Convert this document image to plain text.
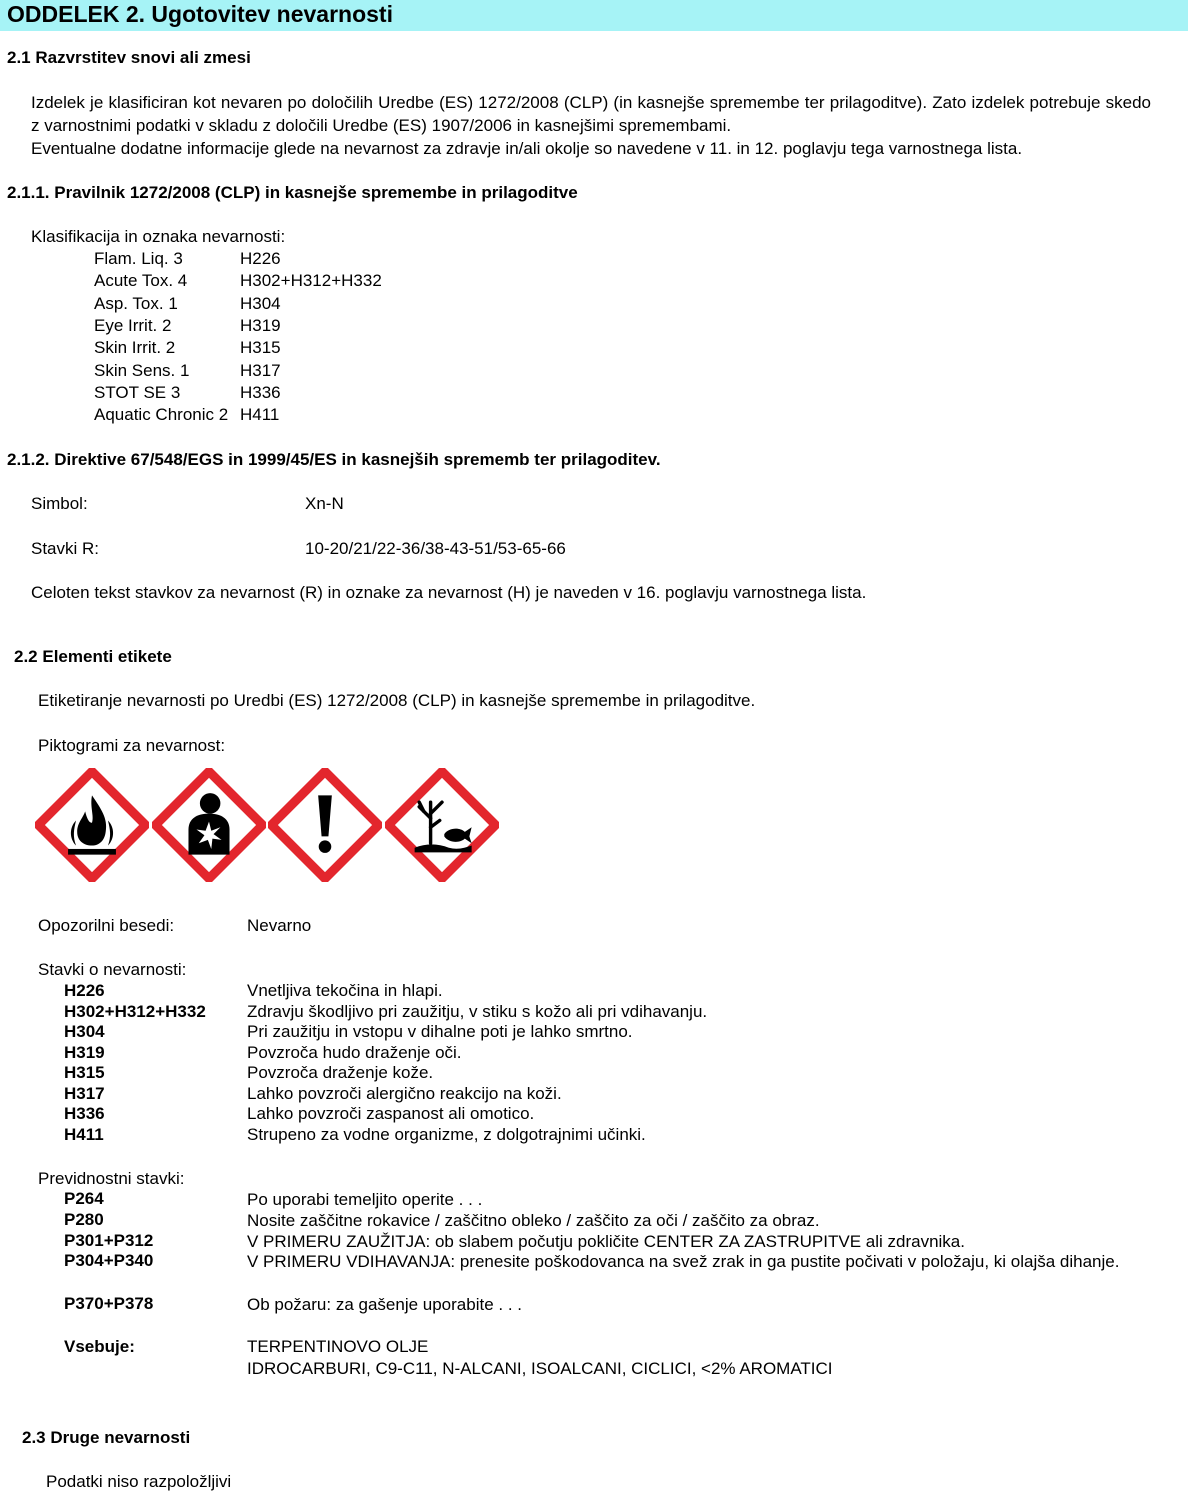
ODDELEK 2. Ugotovitev nevarnosti
2.1 Razvrstitev snovi ali zmesi

Izdelek je klasificiran kot nevaren po določilih Uredbe (ES) 1272/2008 (CLP) (in kasnejše spremembe ter prilagoditve). Zato izdelek potrebuje skedo z varnostnimi podatki v skladu z določili Uredbe (ES) 1907/2006 in kasnejšimi spremembami.

Eventualne dodatne informacije glede na nevarnost za zdravje in/ali okolje so navedene v 11. in 12. poglavju tega varnostnega lista.

2.1.1. Pravilnik 1272/2008 (CLP) in kasnejše spremembe in prilagoditve
Klasifikacija in oznaka nevarnosti:
Flam. Liq. 3	H226
Acute Tox. 4	H302+H312+H332
Asp. Tox. 1	H304
Eye Irrit. 2	H319
Skin Irrit. 2	H315
Skin Sens. 1	H317
STOT SE 3	H336
Aquatic Chronic 2 H411
2.1.2. Direktive 67/548/EGS in 1999/45/ES in kasnejših sprememb ter prilagoditev.
Simbol:	Xn-N
Stavki R:	10-20/21/22-36/38-43-51/53-65-66
Celoten tekst stavkov za nevarnost (R) in oznake za nevarnost (H) je naveden v 16. poglavju varnostnega lista.
2.2 Elementi etikete
Etiketiranje nevarnosti po Uredbi (ES) 1272/2008 (CLP) in kasnejše spremembe in prilagoditve.
Piktogrami za nevarnost:
Opozorilni besedi:	Nevarno
Stavki o nevarnosti:
H226	Vnetljiva tekočina in hlapi.
H302+H312+H332 Zdravju škodljivo pri zaužitju, v stiku s kožo ali pri vdihavanju.
H304	Pri zaužitju in vstopu v dihalne poti je lahko smrtno.
H319	Povzroča hudo draženje oči.
H315	Povzroča draženje kože.
H317	Lahko povzroči alergično reakcijo na koži.
H336	Lahko povzroči zaspanost ali omotico.
H411	Strupeno za vodne organizme, z dolgotrajnimi učinki.
Previdnostni stavki:
P264	Po uporabi temeljito operite . . .
P280	Nosite zaščitne rokavice / zaščitno obleko / zaščito za oči / zaščito za obraz.
P301+P312	V PRIMERU ZAUŽITJA: ob slabem počutju pokličite CENTER ZA ZASTRUPITVE ali zdravnika.
P304+P340	V PRIMERU VDIHAVANJA: prenesite poškodovanca na svež zrak in ga pustite počivati v položaju, ki olajša dihanje.
P370+P378	Ob požaru: za gašenje uporabite . . .
Vsebuje:	TERPENTINOVO OLJE
IDROCARBURI, C9-C11, N-ALCANI, ISOALCANI, CICLICI, <2% AROMATICI
2.3 Druge nevarnosti
Podatki niso razpoložljivi
